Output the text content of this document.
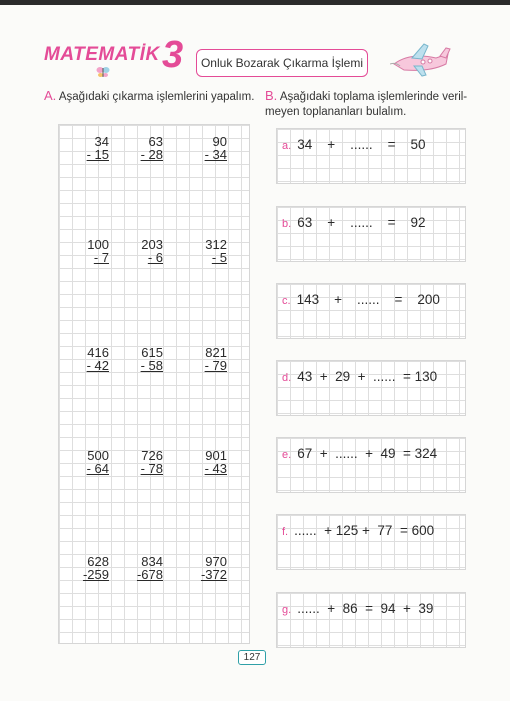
MATEMATİK 3	Onluk Bozarak Çıkarma İşlemi
A. Aşağıdaki çıkarma işlemlerini yapalım. B. Aşağıdaki toplama işlemlerinde veril- meyen toplananları bulalım.
34
- 15
63
- 28
90
- 34
100
- 7
203
- 6
312
- 5
416
- 42
615
- 58
821
- 79
500
- 64
726
- 78
901
- 43
628
-259
834
-678
970
-372
a. 34    +    ......    =    50
b. 63    +    ......    =    92
c. 143    +    ......    =    200
d. 43  +  29  +  ......  = 130
e. 67  +  ......  +  49  = 324
f. ......  + 125 +  77  = 600
g. ......  +  86  =  94  +  39
127
